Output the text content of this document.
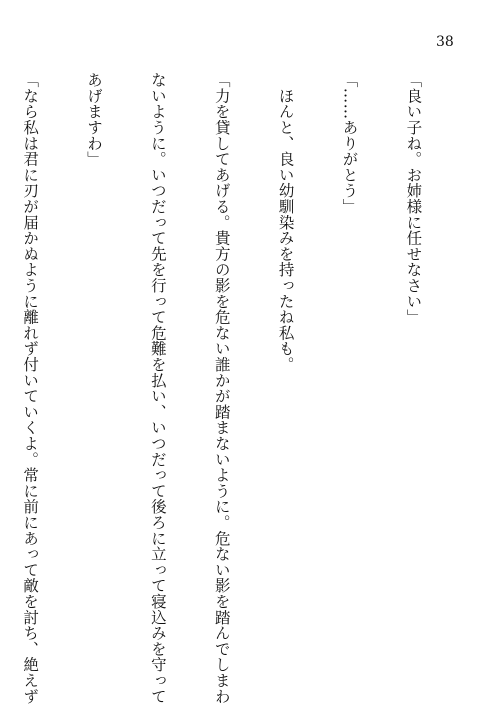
38

「良い子ね。お姉様に任せなさい」

「……ありがとう」

　ほんと、良い幼馴染みを持ったね私も。

「力を貸してあげる。貴方の影を危ない誰かが踏まないように。危ない影を踏んでしまわ

ないように。いつだって先を行って危難を払い、いつだって後ろに立って寝込みを守って

あげますわ」

「なら私は君に刃が届かぬように離れず付いていくよ。常に前にあって敵を討ち、絶えず
